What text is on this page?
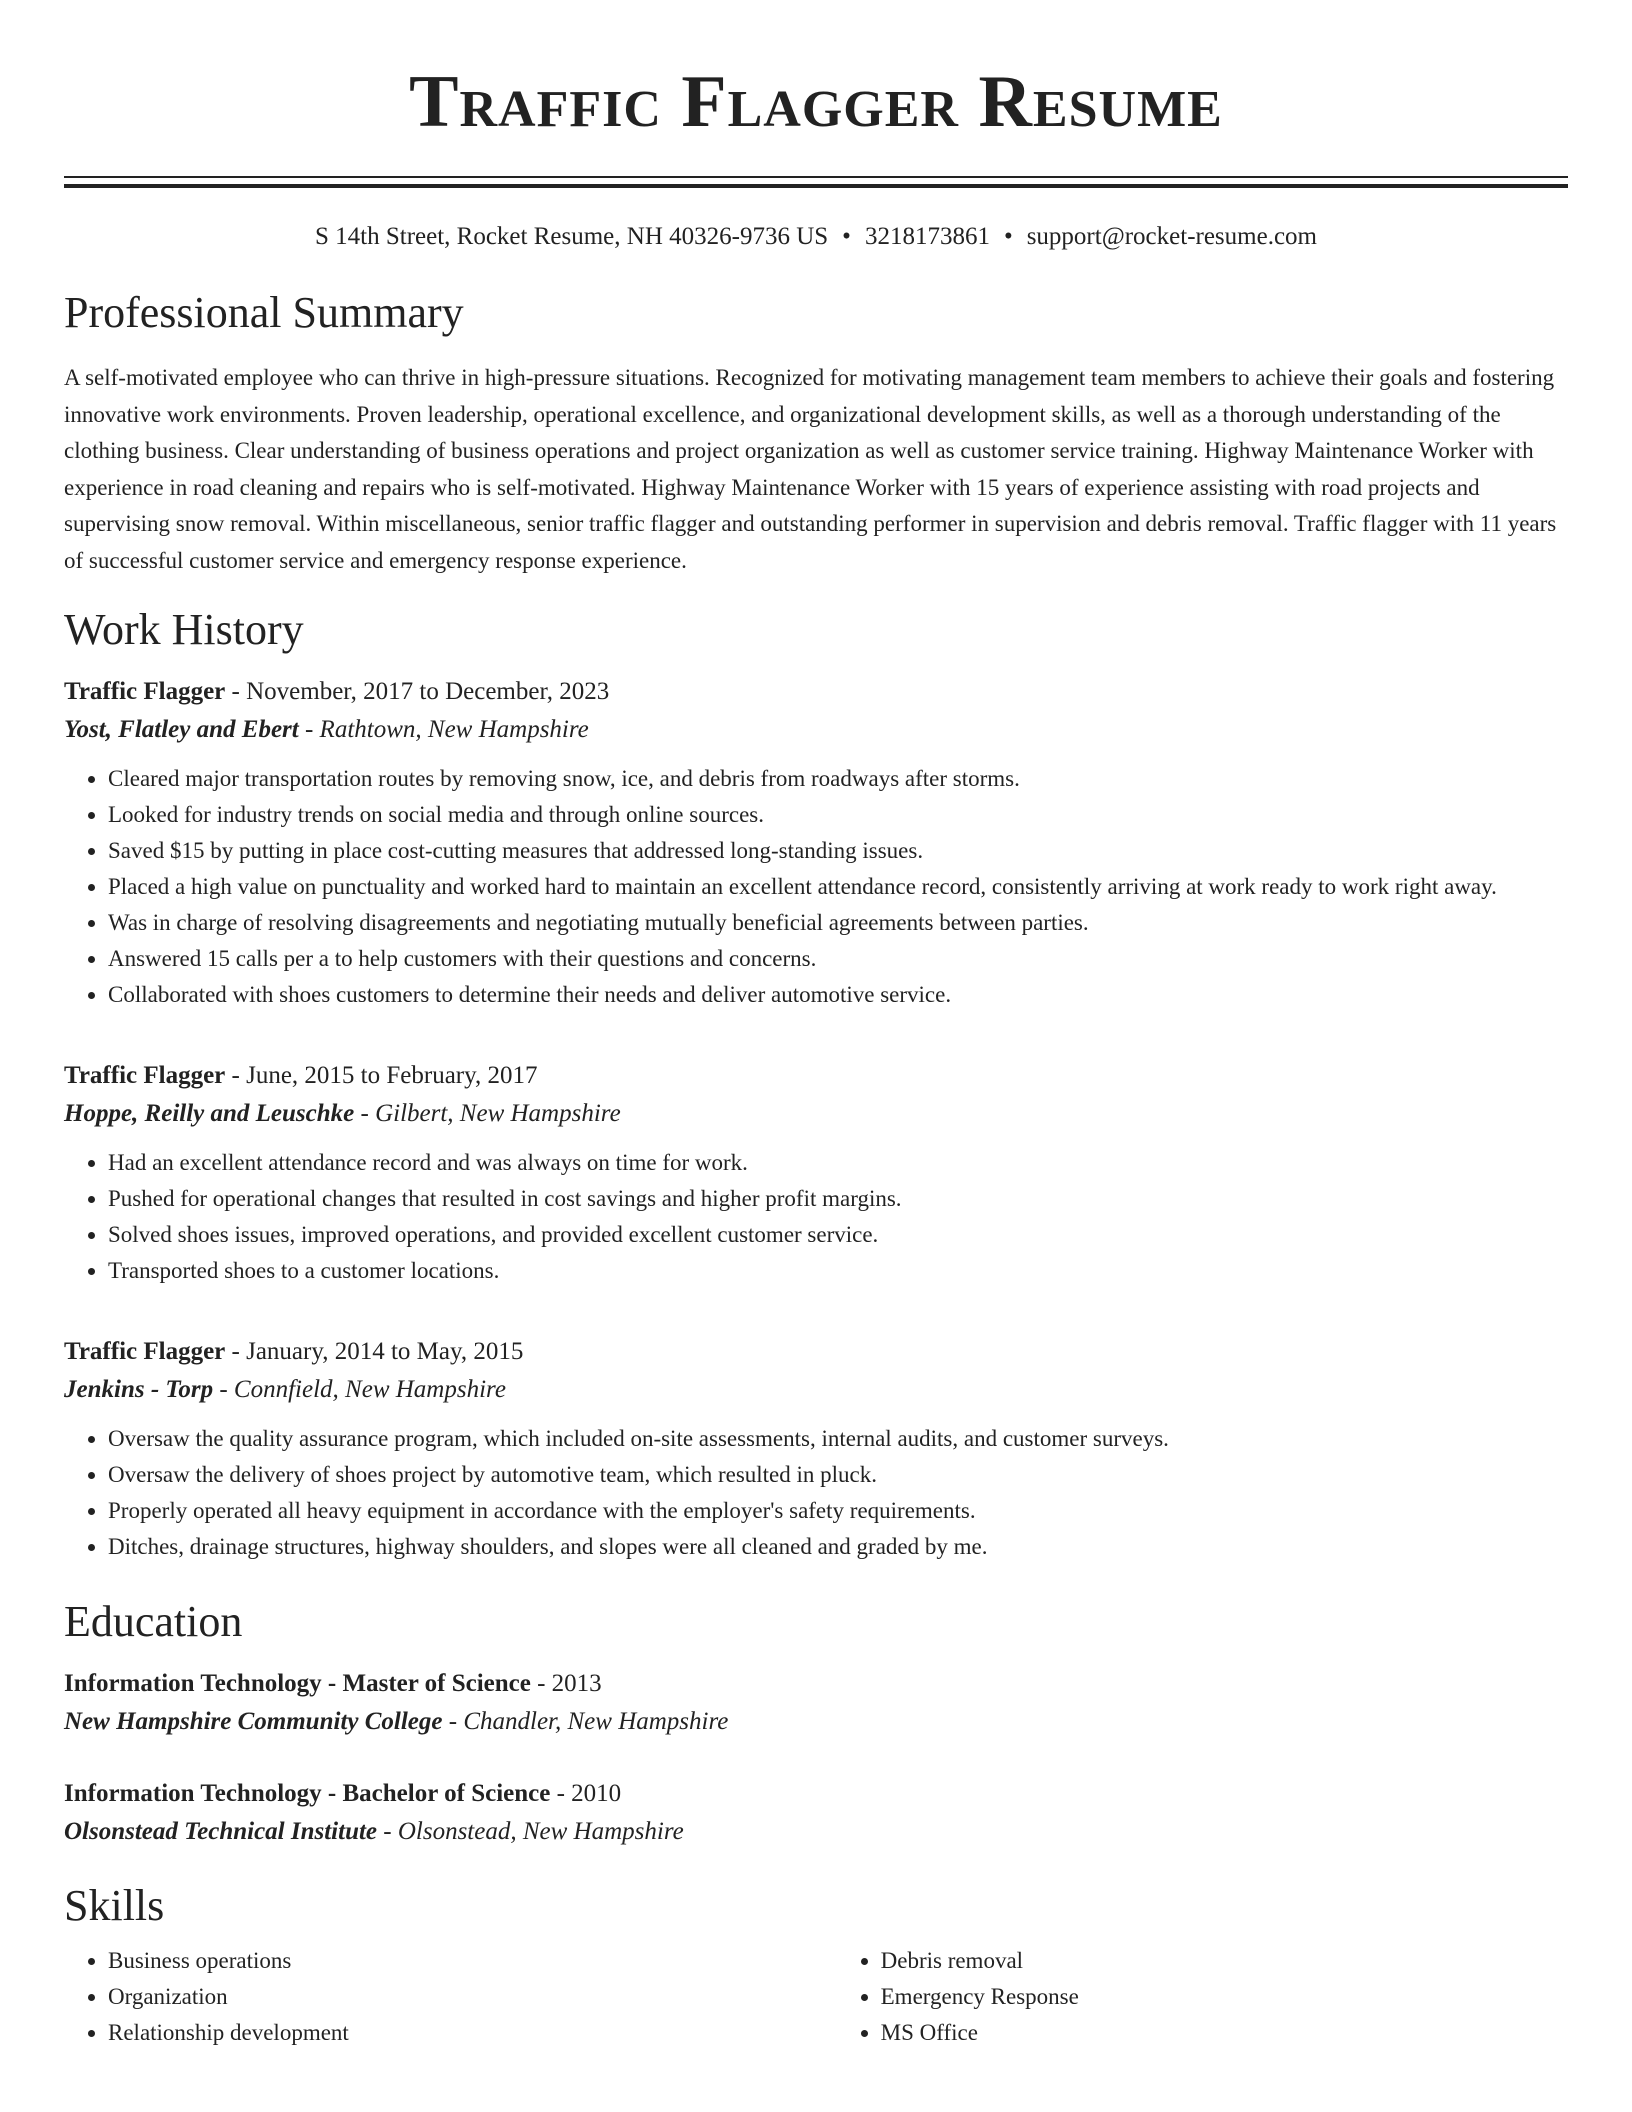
Traffic Flagger Resume
S 14th Street, Rocket Resume, NH 40326-9736 US • 3218173861 • support@rocket-resume.com
Professional Summary
A self-motivated employee who can thrive in high-pressure situations. Recognized for motivating management team members to achieve their goals and fostering innovative work environments. Proven leadership, operational excellence, and organizational development skills, as well as a thorough understanding of the clothing business. Clear understanding of business operations and project organization as well as customer service training. Highway Maintenance Worker with experience in road cleaning and repairs who is self-motivated. Highway Maintenance Worker with 15 years of experience assisting with road projects and supervising snow removal. Within miscellaneous, senior traffic flagger and outstanding performer in supervision and debris removal. Traffic flagger with 11 years of successful customer service and emergency response experience.
Work History
Traffic Flagger - November, 2017 to December, 2023
Yost, Flatley and Ebert - Rathtown, New Hampshire
• Cleared major transportation routes by removing snow, ice, and debris from roadways after storms.
• Looked for industry trends on social media and through online sources.
• Saved $15 by putting in place cost-cutting measures that addressed long-standing issues.
• Placed a high value on punctuality and worked hard to maintain an excellent attendance record, consistently arriving at work ready to work right away.
• Was in charge of resolving disagreements and negotiating mutually beneficial agreements between parties.
• Answered 15 calls per a to help customers with their questions and concerns.
• Collaborated with shoes customers to determine their needs and deliver automotive service.
Traffic Flagger - June, 2015 to February, 2017
Hoppe, Reilly and Leuschke - Gilbert, New Hampshire
• Had an excellent attendance record and was always on time for work.
• Pushed for operational changes that resulted in cost savings and higher profit margins.
• Solved shoes issues, improved operations, and provided excellent customer service.
• Transported shoes to a customer locations.
Traffic Flagger - January, 2014 to May, 2015
Jenkins - Torp - Connfield, New Hampshire
• Oversaw the quality assurance program, which included on-site assessments, internal audits, and customer surveys.
• Oversaw the delivery of shoes project by automotive team, which resulted in pluck.
• Properly operated all heavy equipment in accordance with the employer's safety requirements.
• Ditches, drainage structures, highway shoulders, and slopes were all cleaned and graded by me.
Education
Information Technology - Master of Science - 2013
New Hampshire Community College - Chandler, New Hampshire
Information Technology - Bachelor of Science - 2010
Olsonstead Technical Institute - Olsonstead, New Hampshire
Skills
• Business operations
• Organization
• Relationship development
• Debris removal
• Emergency Response
• MS Office
